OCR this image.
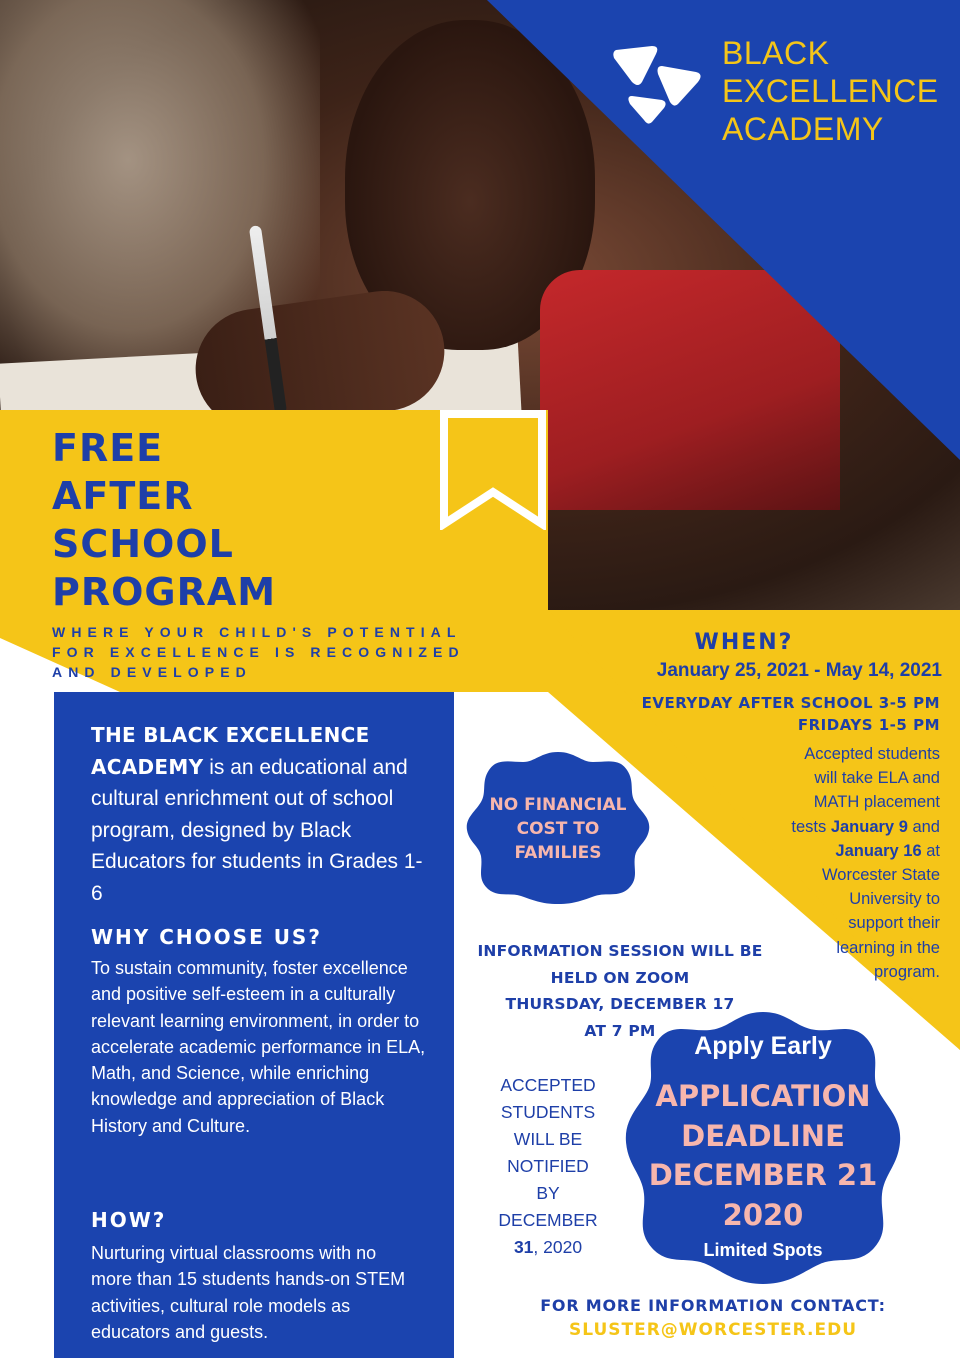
BLACK
EXCELLENCE
ACADEMY
FREE
AFTER
SCHOOL
PROGRAM
WHERE YOUR CHILD'S POTENTIAL
FOR EXCELLENCE IS RECOGNIZED
AND DEVELOPED
THE BLACK EXCELLENCE ACADEMY is an educational and cultural enrichment out of school program, designed by Black Educators for students in Grades 1-6
WHY CHOOSE US?
To sustain community, foster excellence and positive self-esteem in a culturally relevant learning environment, in order to accelerate academic performance in ELA, Math, and Science, while enriching knowledge and appreciation of Black History and Culture.
HOW?
Nurturing virtual classrooms with no more than 15 students hands-on STEM activities, cultural role models as educators and guests.
WHEN?
January 25, 2021 - May 14, 2021
EVERYDAY AFTER SCHOOL 3-5 PM
FRIDAYS 1-5 PM
Accepted students
will take ELA and
MATH placement
tests January 9 and
January 16 at
Worcester State
University to
support their
learning in the
program.
NO FINANCIAL
COST TO
FAMILIES
INFORMATION SESSION WILL BE
HELD ON ZOOM
THURSDAY, DECEMBER 17
AT 7 PM
ACCEPTED
STUDENTS
WILL BE
NOTIFIED
BY
DECEMBER
31, 2020
Apply Early
APPLICATION
DEADLINE
DECEMBER 21
2020
Limited Spots
FOR MORE INFORMATION CONTACT:
SLUSTER@WORCESTER.EDU
